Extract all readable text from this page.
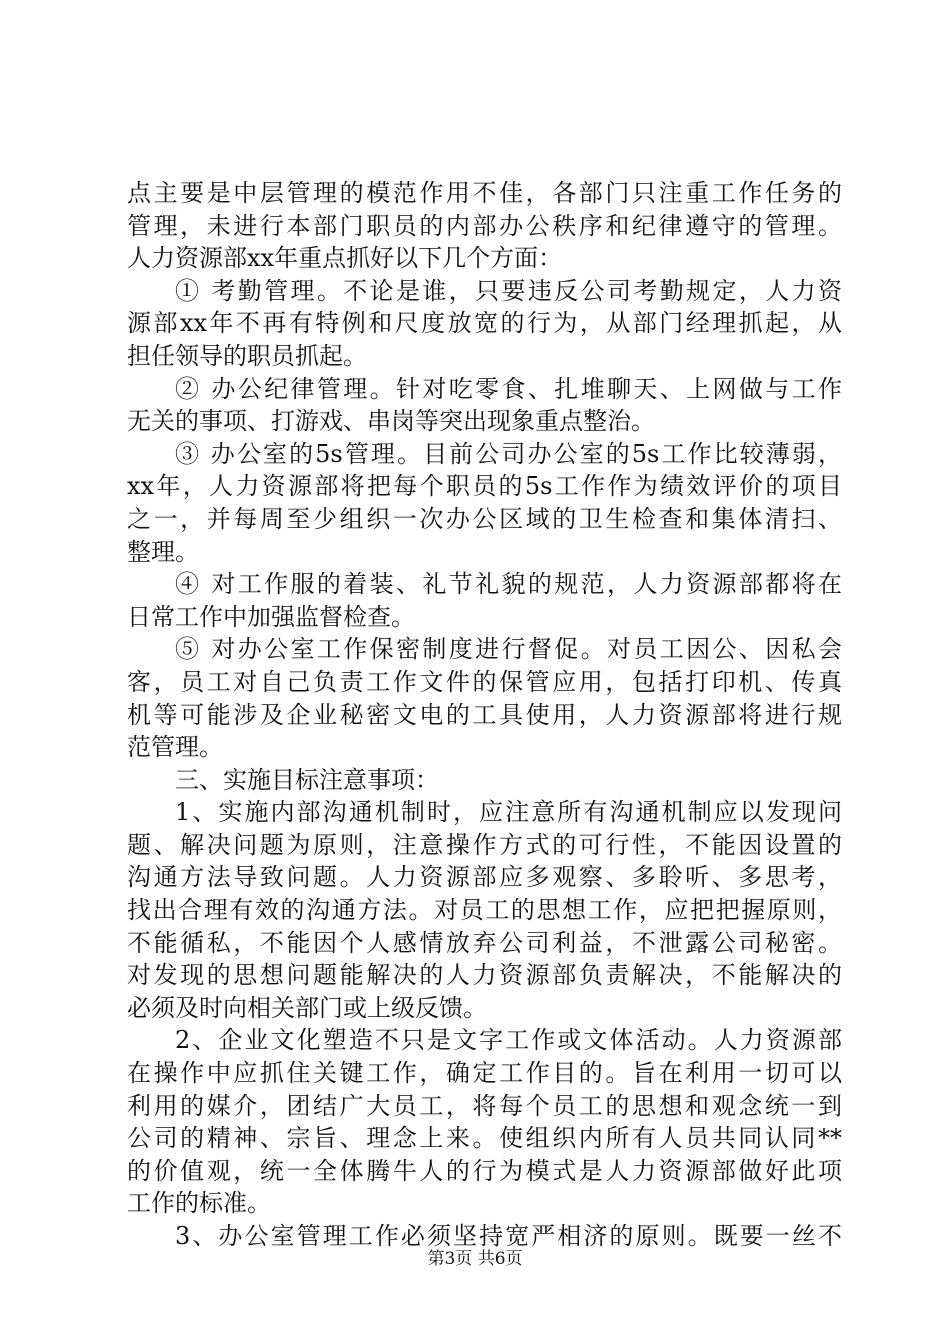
点主要是中层管理的模范作用不佳，各部门只注重工作任务的
管理，未进行本部门职员的内部办公秩序和纪律遵守的管理。
人力资源部xx年重点抓好以下几个方面：
① 考勤管理。不论是谁，只要违反公司考勤规定，人力资
源部xx年不再有特例和尺度放宽的行为，从部门经理抓起，从
担任领导的职员抓起。
② 办公纪律管理。针对吃零食、扎堆聊天、上网做与工作
无关的事项、打游戏、串岗等突出现象重点整治。
③ 办公室的5s管理。目前公司办公室的5s工作比较薄弱，
xx年，人力资源部将把每个职员的5s工作作为绩效评价的项目
之一，并每周至少组织一次办公区域的卫生检查和集体清扫、
整理。
④ 对工作服的着装、礼节礼貌的规范，人力资源部都将在
日常工作中加强监督检查。
⑤ 对办公室工作保密制度进行督促。对员工因公、因私会
客，员工对自己负责工作文件的保管应用，包括打印机、传真
机等可能涉及企业秘密文电的工具使用，人力资源部将进行规
范管理。
三、实施目标注意事项：
1、实施内部沟通机制时，应注意所有沟通机制应以发现问
题、解决问题为原则，注意操作方式的可行性，不能因设置的
沟通方法导致问题。人力资源部应多观察、多聆听、多思考，
找出合理有效的沟通方法。对员工的思想工作，应把把握原则，
不能循私，不能因个人感情放弃公司利益，不泄露公司秘密。
对发现的思想问题能解决的人力资源部负责解决，不能解决的
必须及时向相关部门或上级反馈。
2、企业文化塑造不只是文字工作或文体活动。人力资源部
在操作中应抓住关键工作，确定工作目的。旨在利用一切可以
利用的媒介，团结广大员工，将每个员工的思想和观念统一到
公司的精神、宗旨、理念上来。使组织内所有人员共同认同**
的价值观，统一全体腾牛人的行为模式是人力资源部做好此项
工作的标准。
3、办公室管理工作必须坚持宽严相济的原则。既要一丝不
第3页 共6页
